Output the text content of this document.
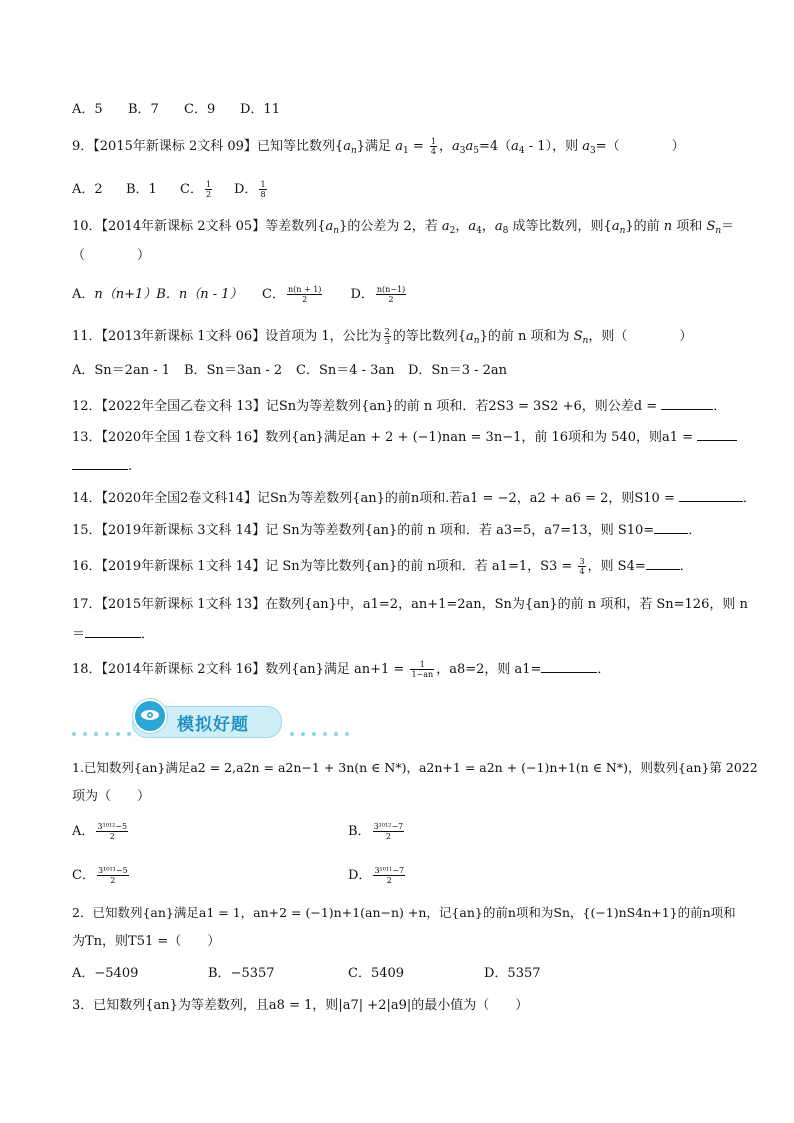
A．5 B．7 C．9 D．11
9．【2015年新课标 2文科 09】已知等比数列$\{a_n\}$满足 $a_1 = \frac{1}{4}$ ，$a_3a_5=4(a_4 - 1)$，则 $a_3=$（　　　　）
A．2 B．1 C． $\frac{1}{2}$ D． $\frac{1}{8}$
10．【2014年新课标 2文科 05】等差数列$\{a_n\}$的公差为 2，若 $a_2$，$a_4$，$a_8$ 成等比数列，则$\{a_n\}$的前 n 项和 $S_n=$
（　　　　）
A．n（n+1）B．n（n - 1）　　 C． $\frac{n(n + 1)}{2}$
　　 D． $\frac{n(n-1)}{2}$
11．【2013年新课标 1文科 06】设首项为 1，公比为 $\frac{2}{3}$ 的等比数列$\{a_n\}$的前 n 项和为 $S_n$，则（　　　　）
A．Sn＝2an - 1 B．Sn＝3an - 2 C．Sn＝4 - 3an D．Sn＝3 - 2an
12．【2022年全国乙卷文科 13】记Sn为等差数列{an}的前 n 项和．若2S3 = 3S2 +6，则公差d =	．
13．【2020年全国 1卷文科 16】数列{an}满足an + 2 + (−1)nan = 3n−1，前 16项和为 540，则a1 =
.
14．【2020年全国2卷文科14】记Sn为等差数列{an}的前n项和.若a1 = −2，a2 + a6 = 2，则S10 =	．
15．【2019年新课标 3文科 14】记 Sn为等差数列{an}的前 n 项和．若 a3=5，a7=13，则 S10=	．
16．【2019年新课标 1文科 14】记 Sn为等比数列{an}的前 n项和．若 a1=1，$S3 = \frac{3}{4}$ ，则 S4=	．
17．【2015年新课标 1文科 13】在数列{an}中，a1=2，an+1=2an，Sn为{an}的前 n 项和，若 Sn=126，则 n
＝	．
18．【2014年新课标 2文科 16】数列{an}满足 $an+1 = \frac{1}{1-an}$ ，a8=2，则 a1=	．
模拟好题
1.已知数列{an}满足a2 = 2,a2n = a2n−1 + 3n(n ∈ N*)，a2n+1 = a2n + (−1)n+1(n ∈ N*)，则数列{an}第 2022
项为（　　）
A． $\frac{\text{3¹⁰¹²−5}}{2}$	B． $\frac{\text{3¹⁰¹²−7}}{2}$
C． $\frac{\text{3¹⁰¹¹−5}}{2}$	D． $\frac{\text{3¹⁰¹¹−7}}{2}$
2．已知数列{an}满足a1 = 1，an+2 = (−1)n+1(an−n) +n，记{an}的前n项和为Sn，{(−1)nS4n+1}的前n项和
为Tn，则T51 =（　　）
A．−5409	B．−5357	C．5409	D．5357
3．已知数列{an}为等差数列，且a8 = 1，则|a7| +2|a9|的最小值为（　　）
